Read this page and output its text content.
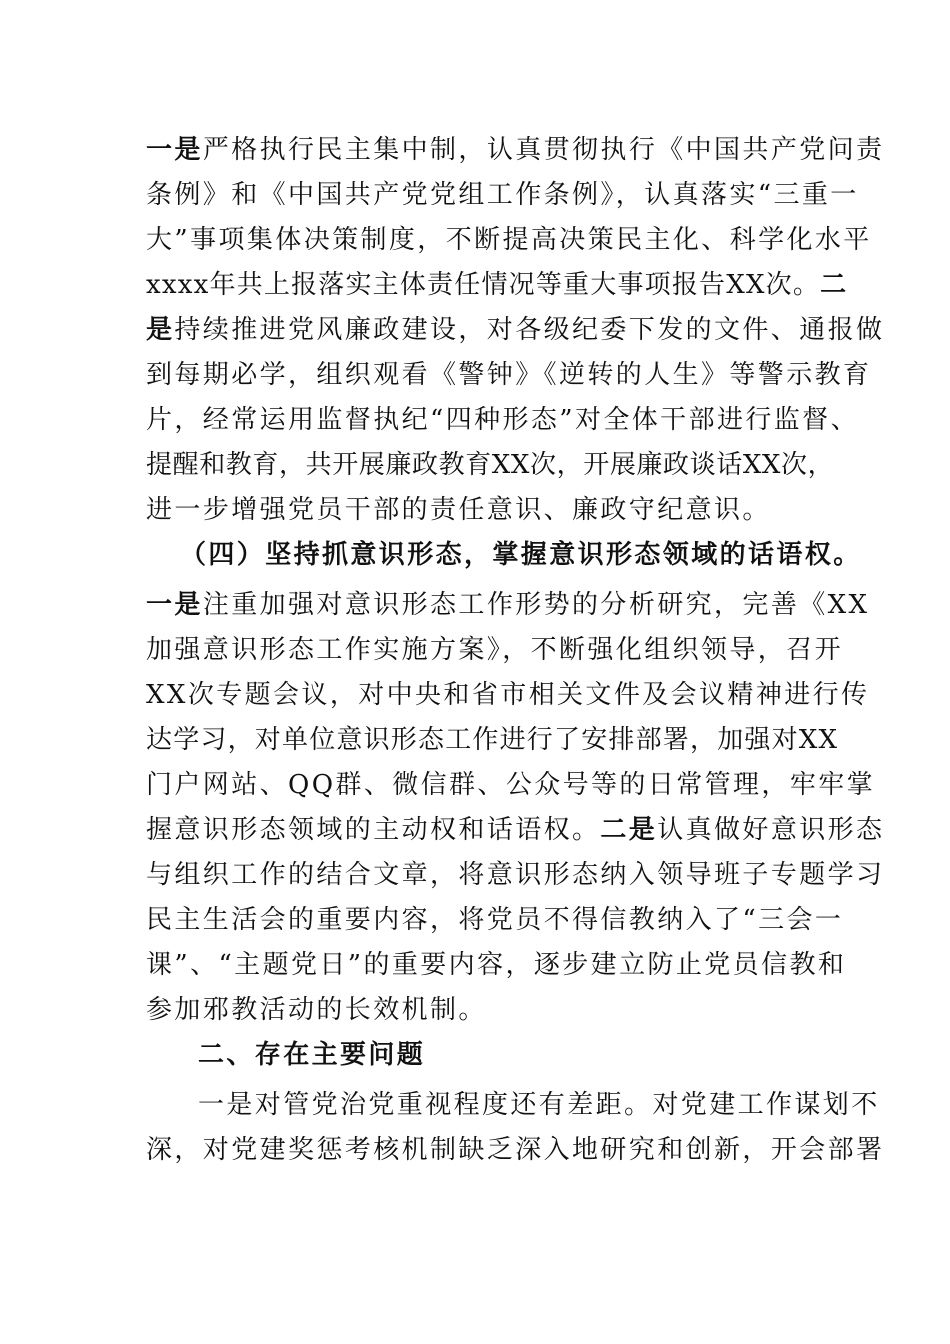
一是严格执行民主集中制，认真贯彻执行《中国共产党问责
条例》和《中国共产党党组工作条例》，认真落实“三重一
大”事项集体决策制度，不断提高决策民主化、科学化水平
xxxx年共上报落实主体责任情况等重大事项报告XX次。二
是持续推进党风廉政建设，对各级纪委下发的文件、通报做
到每期必学，组织观看《警钟》《逆转的人生》等警示教育
片，经常运用监督执纪“四种形态”对全体干部进行监督、
提醒和教育，共开展廉政教育XX次，开展廉政谈话XX次，
进一步增强党员干部的责任意识、廉政守纪意识。
（四）坚持抓意识形态，掌握意识形态领域的话语权。
一是注重加强对意识形态工作形势的分析研究，完善《XX
加强意识形态工作实施方案》，不断强化组织领导，召开
XX次专题会议，对中央和省市相关文件及会议精神进行传
达学习，对单位意识形态工作进行了安排部署，加强对XX
门户网站、QQ群、微信群、公众号等的日常管理，牢牢掌
握意识形态领域的主动权和话语权。二是认真做好意识形态
与组织工作的结合文章，将意识形态纳入领导班子专题学习
民主生活会的重要内容，将党员不得信教纳入了“三会一
课”、“主题党日”的重要内容，逐步建立防止党员信教和
参加邪教活动的长效机制。
二、存在主要问题
一是对管党治党重视程度还有差距。对党建工作谋划不
深，对党建奖惩考核机制缺乏深入地研究和创新，开会部署
